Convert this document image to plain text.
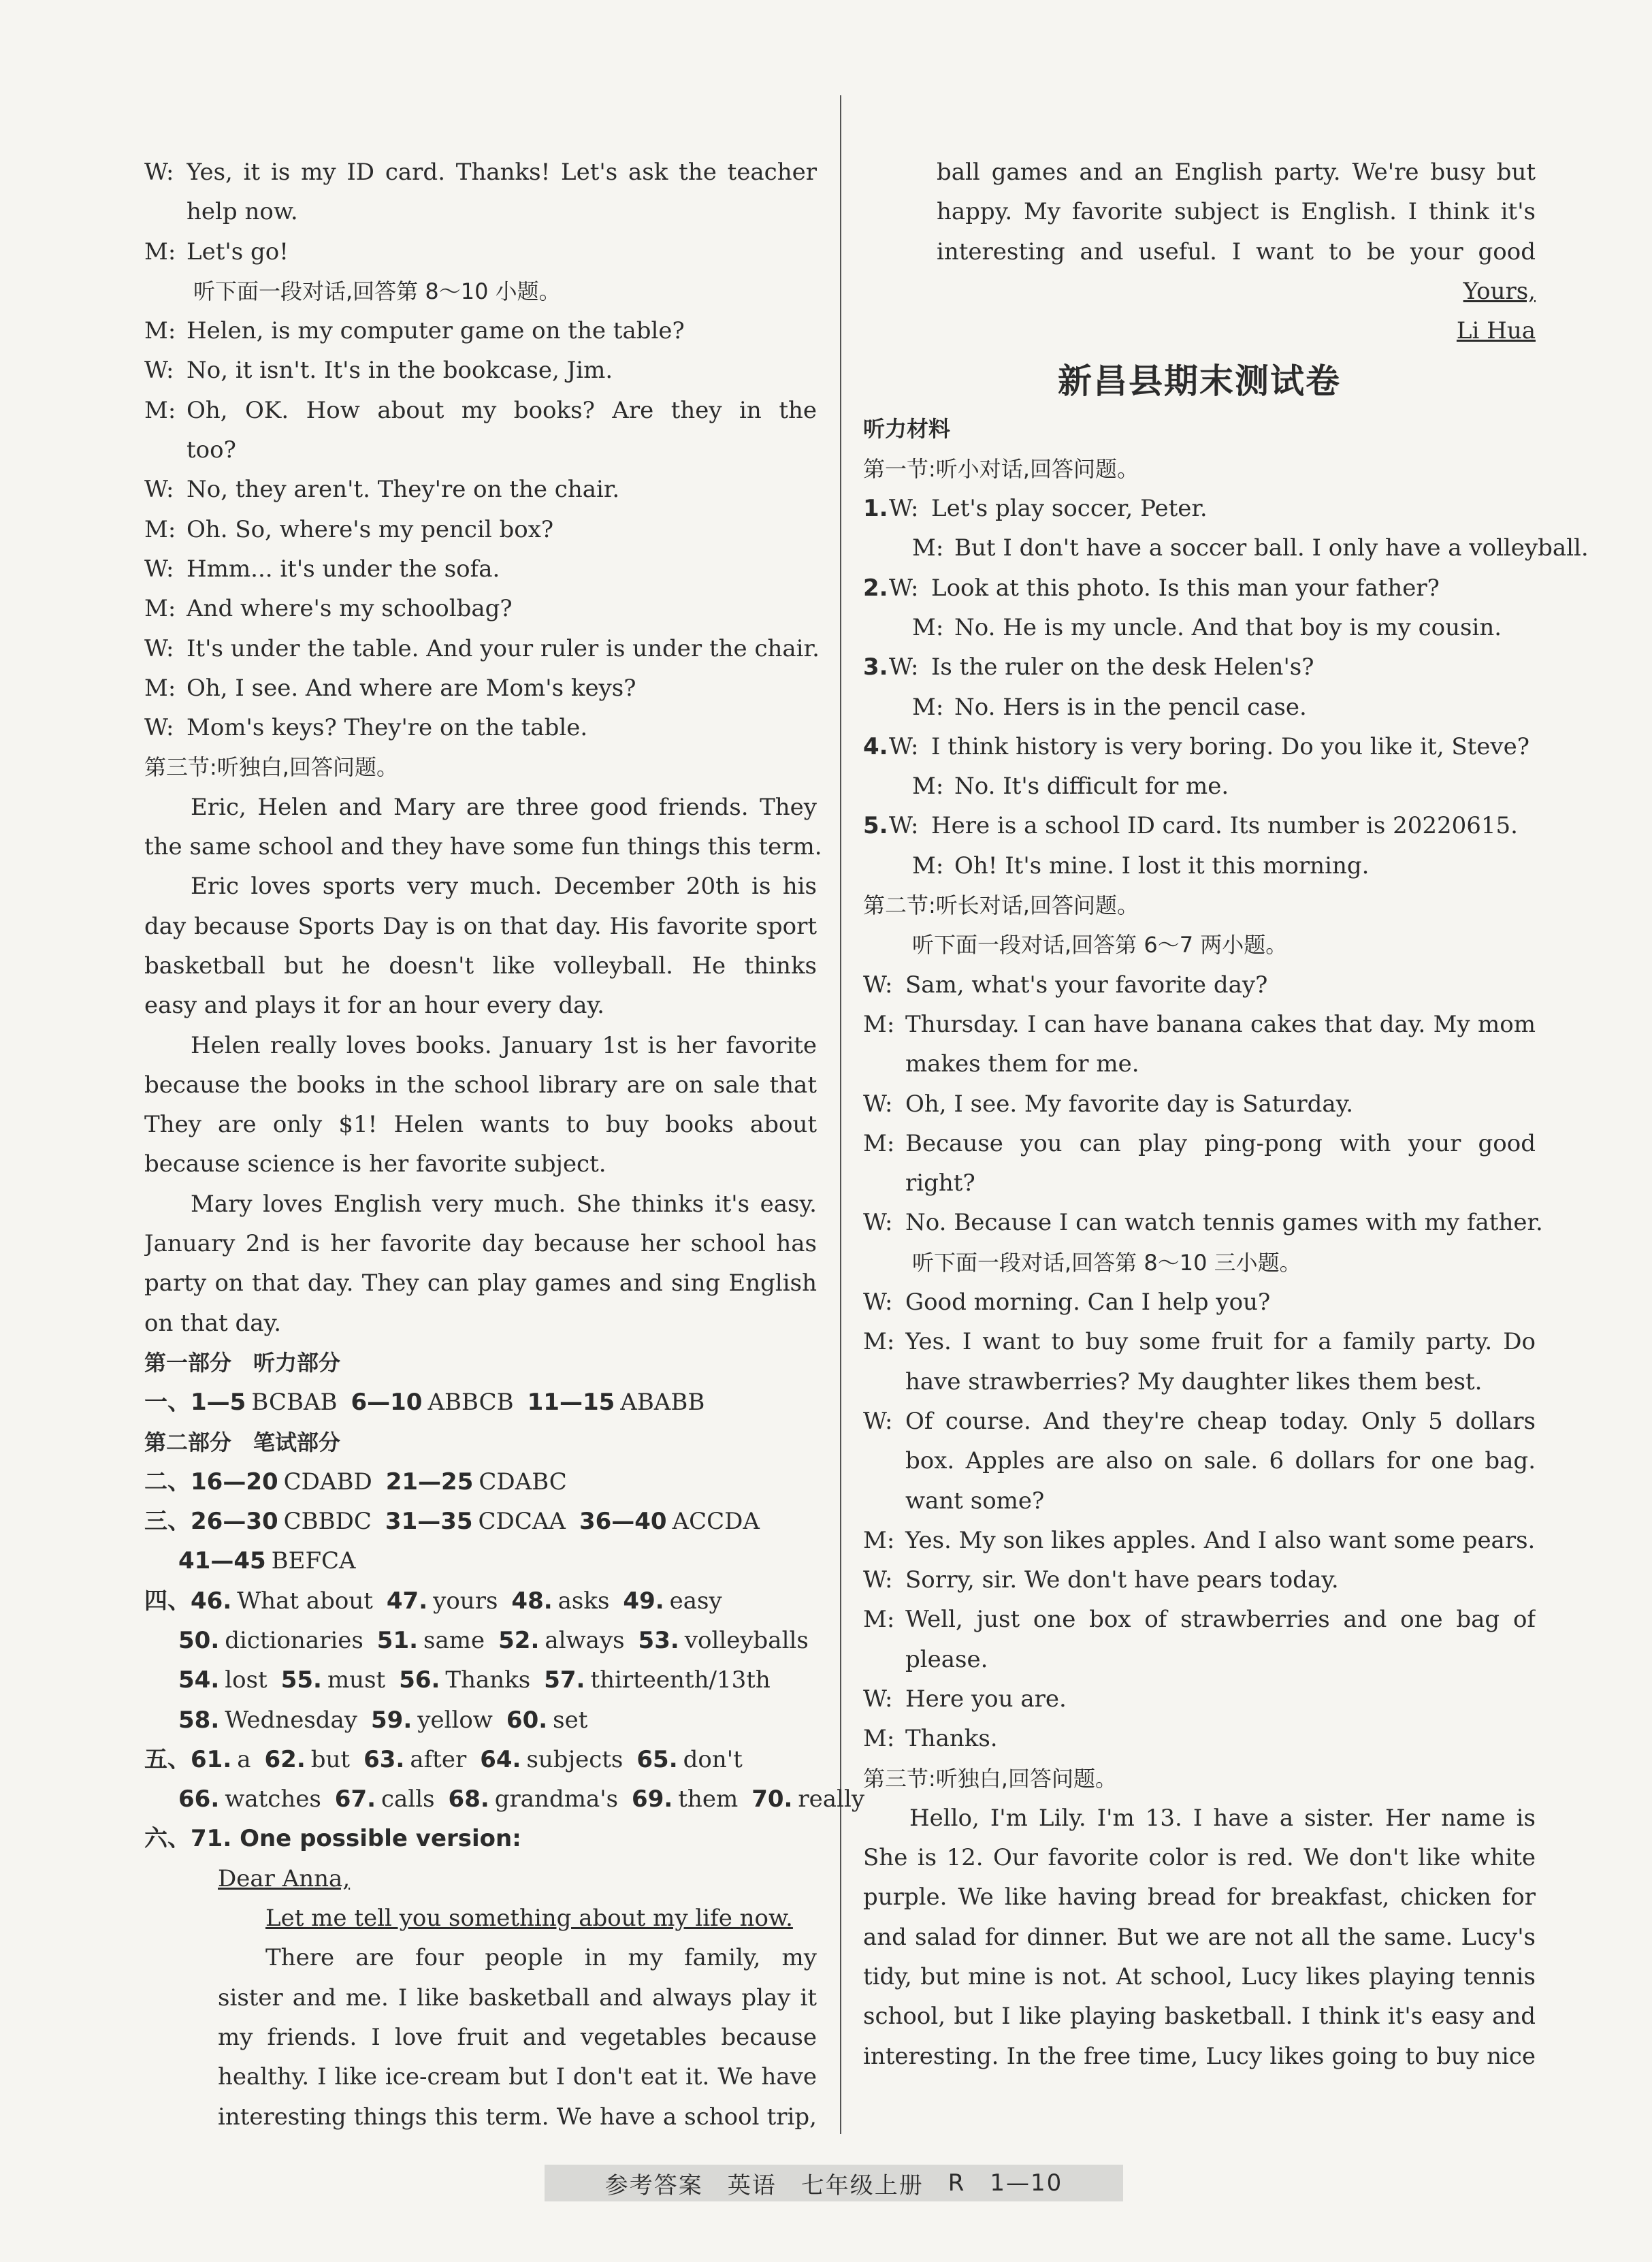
W: Yes, it is my ID card. Thanks! Let's ask the teacher
help now.
M: Let's go!
听下面一段对话,回答第 8～10 小题。
M: Helen, is my computer game on the table?
W: No, it isn't. It's in the bookcase, Jim.
M: Oh, OK. How about my books? Are they in the
too?
W: No, they aren't. They're on the chair.
M: Oh. So, where's my pencil box?
W: Hmm... it's under the sofa.
M: And where's my schoolbag?
W: It's under the table. And your ruler is under the chair.
M: Oh, I see. And where are Mom's keys?
W: Mom's keys? They're on the table.
第三节:听独白,回答问题。
Eric, Helen and Mary are three good friends. They
the same school and they have some fun things this term.
Eric loves sports very much. December 20th is his
day because Sports Day is on that day. His favorite sport
basketball but he doesn't like volleyball. He thinks
easy and plays it for an hour every day.
Helen really loves books. January 1st is her favorite
because the books in the school library are on sale that
They are only $1! Helen wants to buy books about
because science is her favorite subject.
Mary loves English very much. She thinks it's easy.
January 2nd is her favorite day because her school has
party on that day. They can play games and sing English
on that day.
第一部分　听力部分
一、1—5 BCBAB 6—10 ABBCB 11—15 ABABB
第二部分　笔试部分
二、16—20 CDABD 21—25 CDABC
三、26—30 CBBDC 31—35 CDCAA 36—40 ACCDA
41—45 BEFCA
四、46. What about 47. yours 48. asks 49. easy
50. dictionaries 51. same 52. always 53. volleyballs
54. lost 55. must 56. Thanks 57. thirteenth/13th
58. Wednesday 59. yellow 60. set
五、61. a 62. but 63. after 64. subjects 65. don't
66. watches 67. calls 68. grandma's 69. them 70. really
六、71. One possible version:
Dear Anna,
Let me tell you something about my life now.
There are four people in my family, my
sister and me. I like basketball and always play it
my friends. I love fruit and vegetables because
healthy. I like ice-cream but I don't eat it. We have
interesting things this term. We have a school trip,
ball games and an English party. We're busy but
happy. My favorite subject is English. I think it's
interesting and useful. I want to be your good
Yours,
Li Hua
新昌县期末测试卷
听力材料
第一节:听小对话,回答问题。
1. W: Let's play soccer, Peter.
M: But I don't have a soccer ball. I only have a volleyball.
2. W: Look at this photo. Is this man your father?
M: No. He is my uncle. And that boy is my cousin.
3. W: Is the ruler on the desk Helen's?
M: No. Hers is in the pencil case.
4. W: I think history is very boring. Do you like it, Steve?
M: No. It's difficult for me.
5. W: Here is a school ID card. Its number is 20220615.
M: Oh! It's mine. I lost it this morning.
第二节:听长对话,回答问题。
听下面一段对话,回答第 6～7 两小题。
W: Sam, what's your favorite day?
M: Thursday. I can have banana cakes that day. My mom
makes them for me.
W: Oh, I see. My favorite day is Saturday.
M: Because you can play ping-pong with your good
right?
W: No. Because I can watch tennis games with my father.
听下面一段对话,回答第 8～10 三小题。
W: Good morning. Can I help you?
M: Yes. I want to buy some fruit for a family party. Do
have strawberries? My daughter likes them best.
W: Of course. And they're cheap today. Only 5 dollars
box. Apples are also on sale. 6 dollars for one bag.
want some?
M: Yes. My son likes apples. And I also want some pears.
W: Sorry, sir. We don't have pears today.
M: Well, just one box of strawberries and one bag of
please.
W: Here you are.
M: Thanks.
第三节:听独白,回答问题。
Hello, I'm Lily. I'm 13. I have a sister. Her name is
She is 12. Our favorite color is red. We don't like white
purple. We like having bread for breakfast, chicken for
and salad for dinner. But we are not all the same. Lucy's
tidy, but mine is not. At school, Lucy likes playing tennis
school, but I like playing basketball. I think it's easy and
interesting. In the free time, Lucy likes going to buy nice
参考答案 英语 七年级上册 R 1—10
